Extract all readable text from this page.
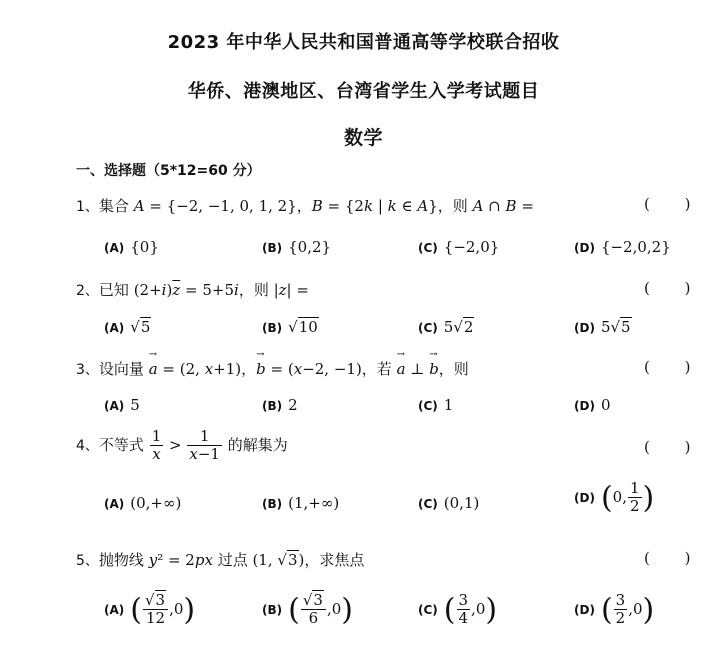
2023 年中华人民共和国普通高等学校联合招收
华侨、港澳地区、台湾省学生入学考试题目
数学
一、选择题（5*12=60 分）
1、集合 A = {−2, −1, 0, 1, 2}，B = {2k | k ∈ A}，则 A ∩ B =	( )
(A) {0}	(B) {0,2}	(C) {−2,0}	(D) {−2,0,2}
2、已知 $(2+i)\overline{z} = 5+5i$，则 |z| =	( )
(A) √5	(B) √10	(C) 5√2	(D) 5√5
3、设向量 → a = (2, x+1)，→ b = (x−2, −1)，若 → a ⊥ → b，则	( )
(A) 5	(B) 2	(C) 1	(D) 0
4、不等式 $\frac{1}{x} > \frac{1}{x-1}$ 的解集为	( )
(A) (0,+∞)	(B) (1,+∞)	(C) (0,1)	(D) (0, $\frac{1}{2}$ )
5、抛物线 y² = 2px 过点 (1, √3)，求焦点	( )
(A) ( $\frac{√3}{12} ,0$)	(B) ( $\frac{√3}{6} ,0$)	(C) ( $\frac{3}{4} ,0$)	(D) ( $\frac{3}{2} ,0$)
